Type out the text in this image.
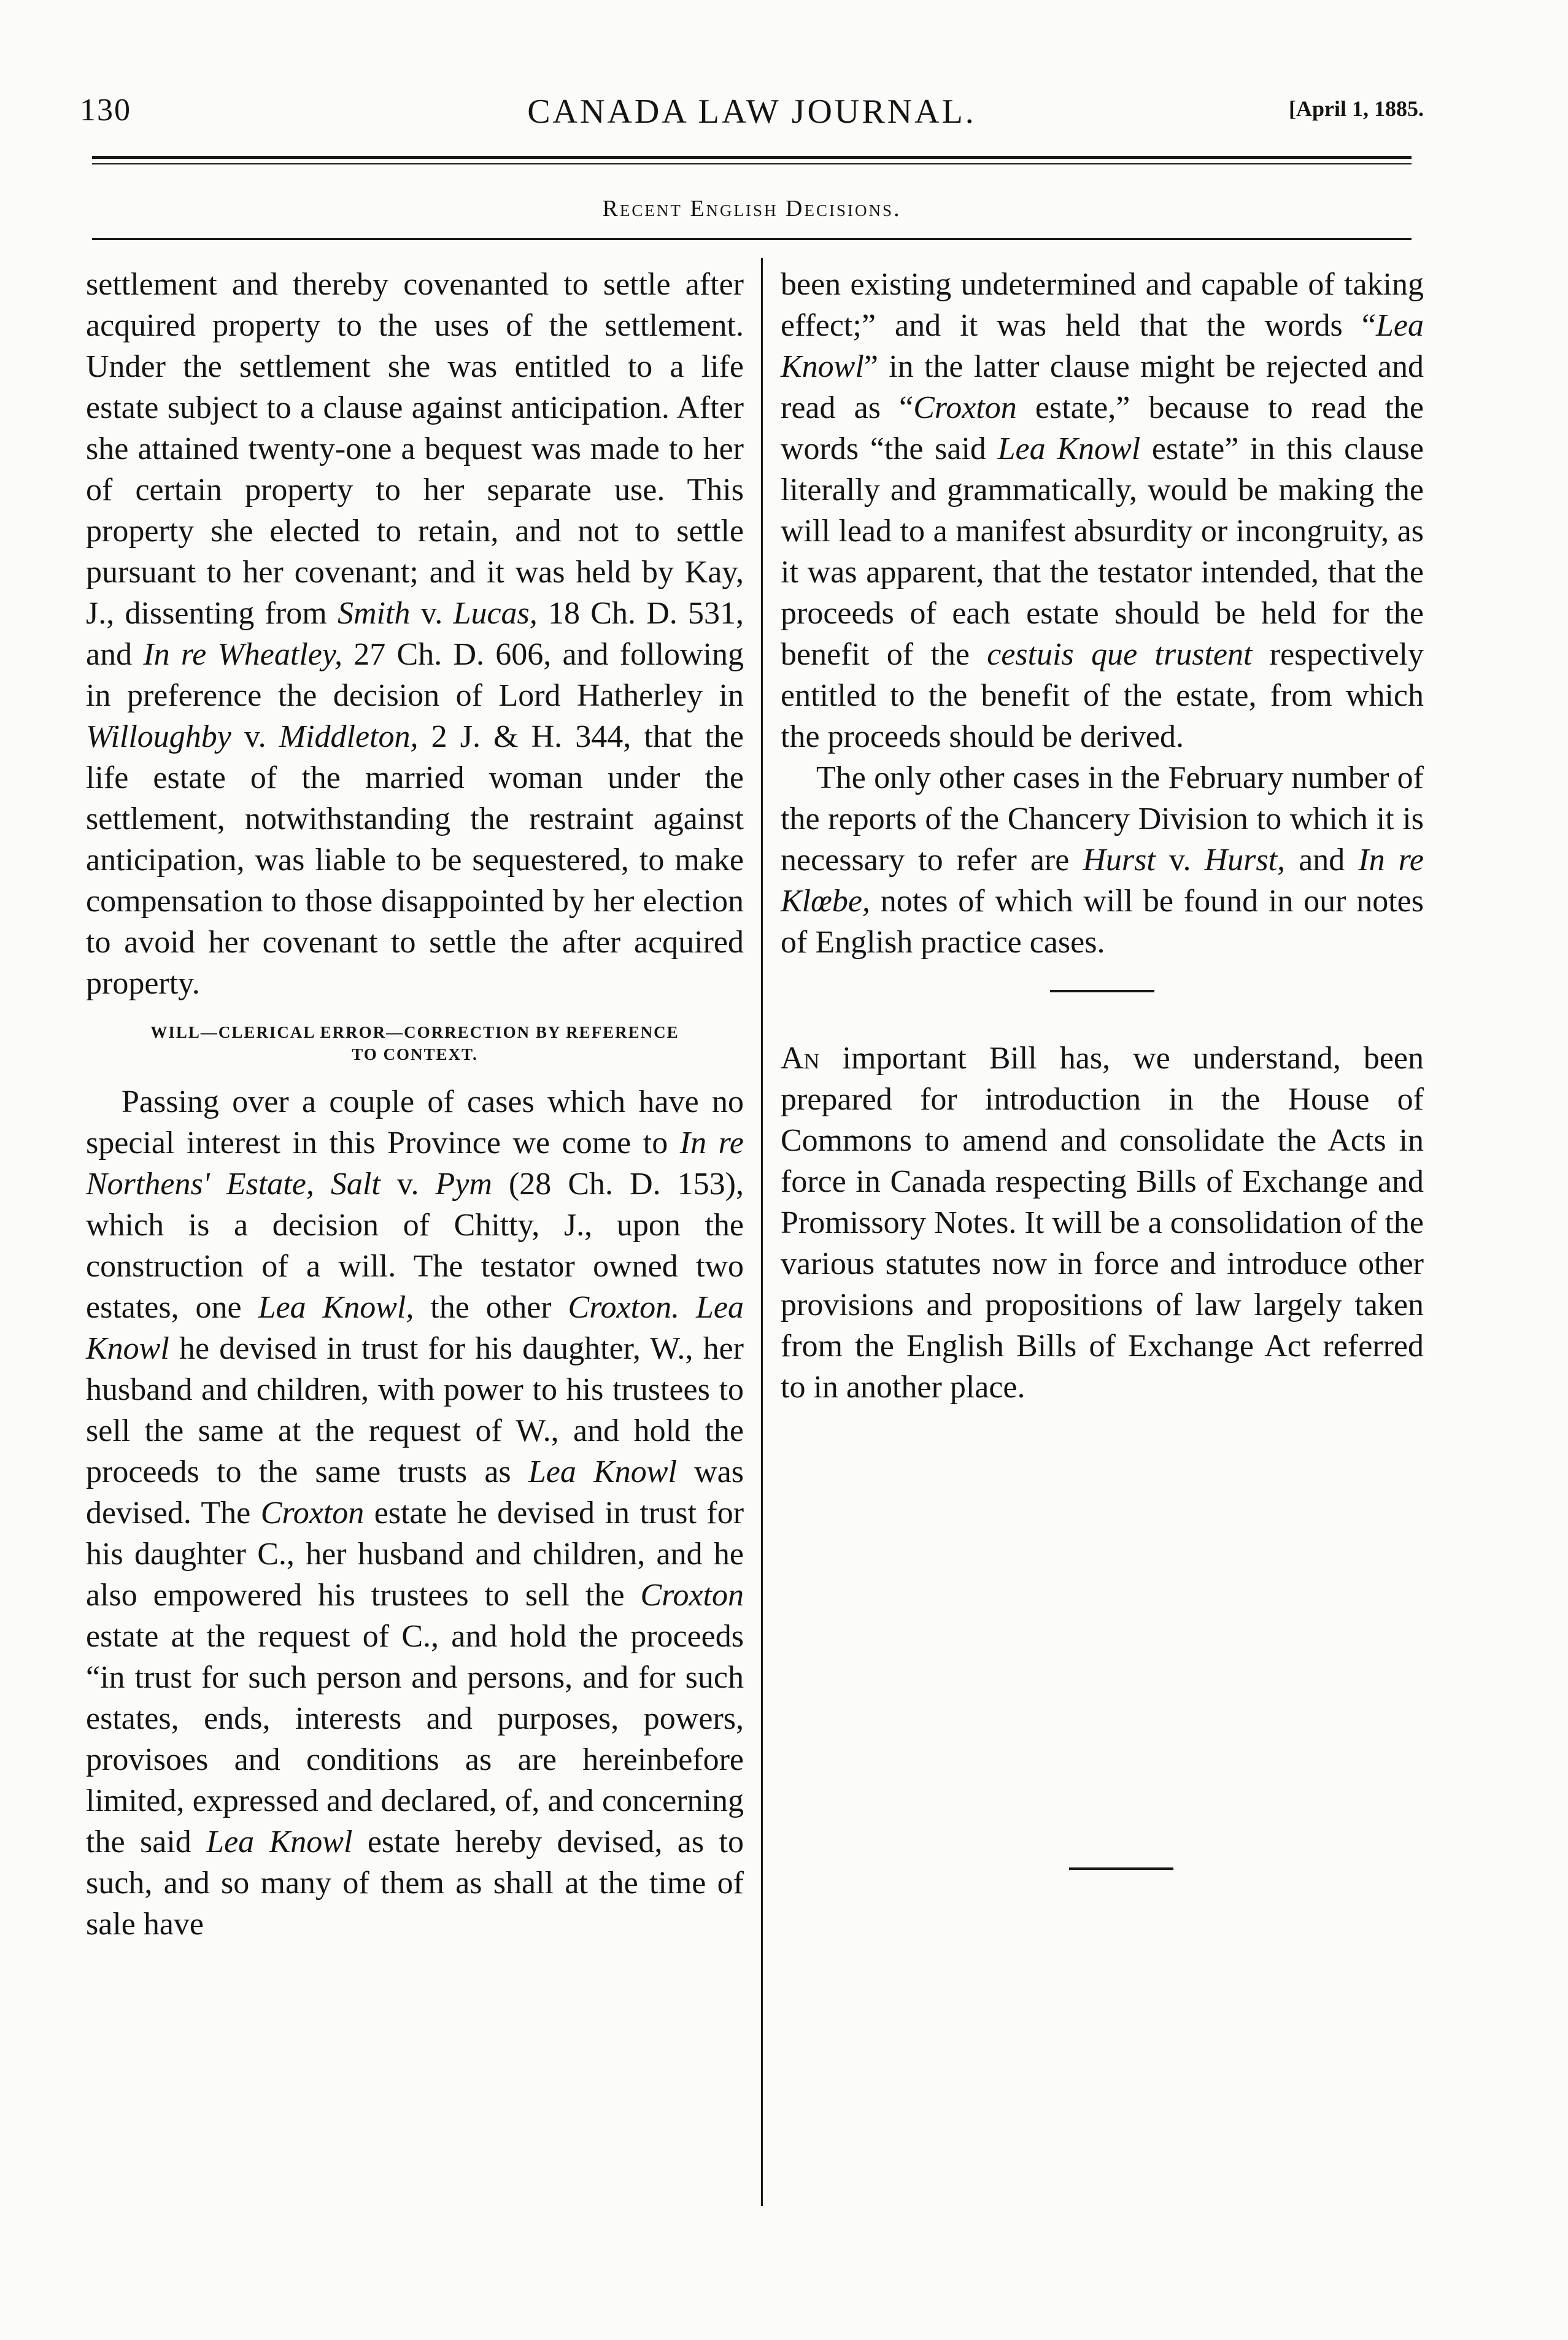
130	CANADA LAW JOURNAL.	[April 1, 1885.
Recent English Decisions.

settlement and thereby covenanted to settle after acquired property to the uses of the settlement. Under the settlement she was entitled to a life estate subject to a clause against anticipation. After she attained twenty-one a bequest was made to her of certain property to her separate use. This property she elected to retain, and not to settle pursuant to her covenant; and it was held by Kay, J., dissenting from Smith v. Lucas, 18 Ch. D. 531, and In re Wheatley, 27 Ch. D. 606, and following in preference the decision of Lord Hatherley in Willoughby v. Middleton, 2 J. & H. 344, that the life estate of the married woman under the settlement, notwithstanding the restraint against anticipation, was liable to be sequestered, to make compensation to those disappointed by her election to avoid her covenant to settle the after acquired property.

WILL—CLERICAL ERROR—CORRECTION BY REFERENCE
TO CONTEXT.

Passing over a couple of cases which have no special interest in this Province we come to In re Northens' Estate, Salt v. Pym (28 Ch. D. 153), which is a decision of Chitty, J., upon the construction of a will. The testator owned two estates, one Lea Knowl, the other Croxton. Lea Knowl he devised in trust for his daughter, W., her husband and children, with power to his trustees to sell the same at the request of W., and hold the proceeds to the same trusts as Lea Knowl was devised. The Croxton estate he devised in trust for his daughter C., her husband and children, and he also empowered his trustees to sell the Croxton estate at the request of C., and hold the proceeds “in trust for such person and persons, and for such estates, ends, interests and purposes, powers, provisoes and conditions as are hereinbefore limited, expressed and declared, of, and concerning the said Lea Knowl estate hereby devised, as to such, and so many of them as shall at the time of sale have

been existing undetermined and capable of taking effect;” and it was held that the words “Lea Knowl” in the latter clause might be rejected and read as “Croxton estate,” because to read the words “the said Lea Knowl estate” in this clause literally and grammatically, would be making the will lead to a manifest absurdity or incongruity, as it was apparent, that the testator intended, that the proceeds of each estate should be held for the benefit of the cestuis que trustent respectively entitled to the benefit of the estate, from which the proceeds should be derived.

The only other cases in the February number of the reports of the Chancery Division to which it is necessary to refer are Hurst v. Hurst, and In re Klœbe, notes of which will be found in our notes of English practice cases.

An important Bill has, we understand, been prepared for introduction in the House of Commons to amend and consolidate the Acts in force in Canada respecting Bills of Exchange and Promissory Notes. It will be a consolidation of the various statutes now in force and introduce other provisions and propositions of law largely taken from the English Bills of Exchange Act referred to in another place.
